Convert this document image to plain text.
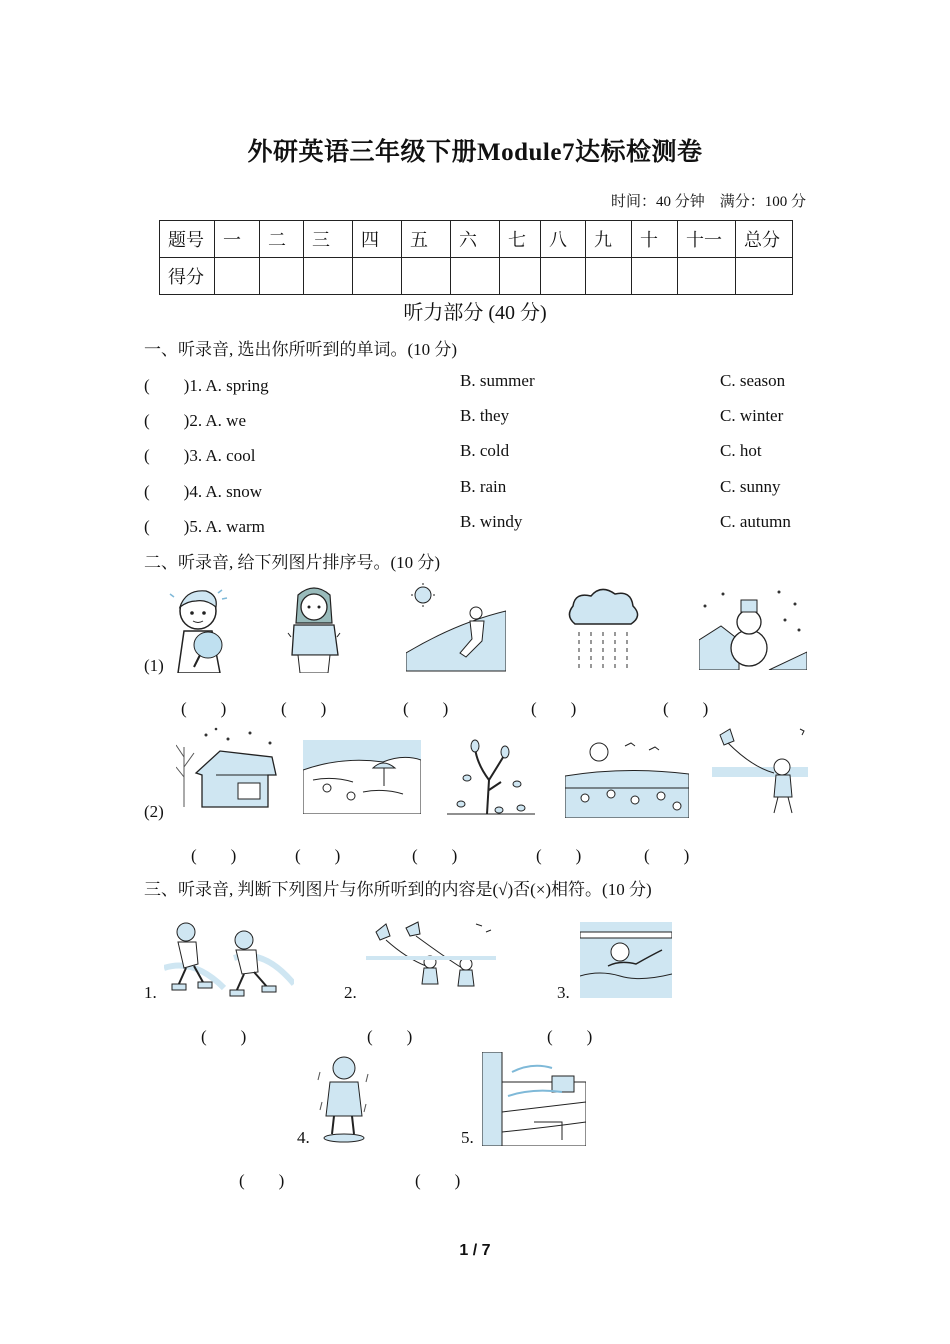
外研英语三年级下册Module7达标检测卷
时间：40 分钟　满分：100 分
题号	一	二	三	四	五	六	七	八	九	十	十一	总分
得分												
听力部分 (40 分)
一、听录音, 选出你所听到的单词。(10 分)
(　　)1. A. spring	B. summer	C. season
(　　)2. A. we	B. they	C. winter
(　　)3. A. cool	B. cold	C. hot
(　　)4. A. snow	B. rain	C. sunny
(　　)5. A. warm	B. windy	C. autumn
二、听录音, 给下列图片排序号。(10 分)
(1)
(　　)	(　　)	(　　)	(　　)	(　　)
(2)
(　　)	(　　)	(　　)	(　　)	(　　)
三、听录音, 判断下列图片与你所听到的内容是(√)否(×)相符。(10 分)
1.	2.	3.
(　　)	(　　)	(　　)
4.	5.
(　　)	(　　)
1 / 7
